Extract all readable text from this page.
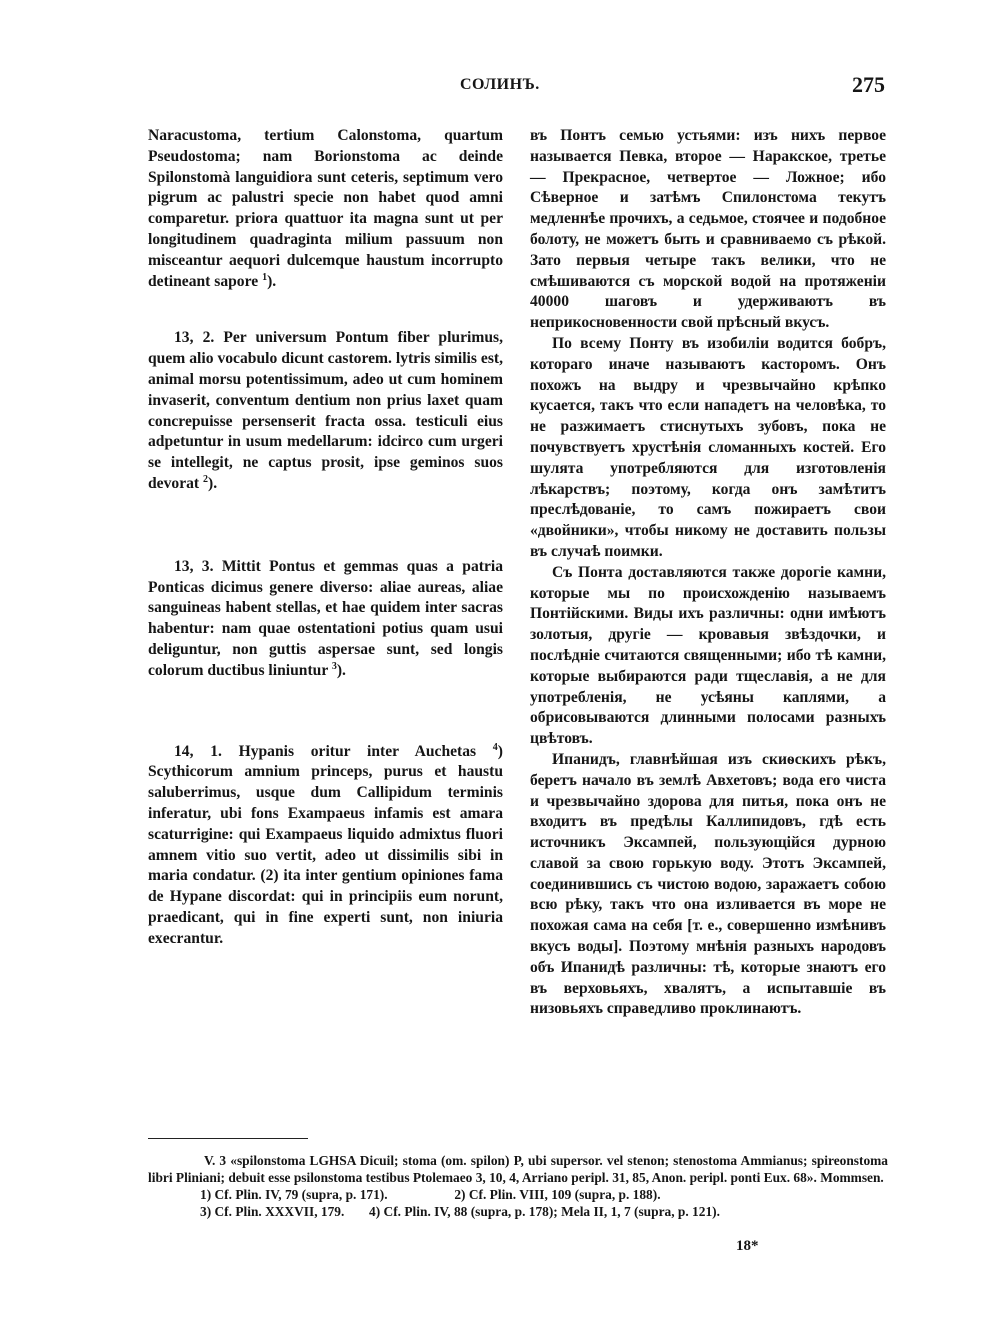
СОЛИНЪ.	275

Naracustoma, tertium Calonstoma, quartum Pseudostoma; nam Borionstoma ac deinde Spilonstomà languidiora sunt ceteris, septimum vero pigrum ac palustri specie non habet quod amni comparetur. priora quattuor ita magna sunt ut per longitudinem quadraginta milium passuum non misceantur aequori dulcemque haustum incorrupto detineant sapore $^1$).

13, 2. Per universum Pontum fiber plurimus, quem alio vocabulo dicunt castorem. lytris similis est, animal morsu potentissimum, adeo ut cum hominem invaserit, conventum dentium non prius laxet quam concrepuisse persenserit fracta ossa. testiculi eius adpetuntur in usum medellarum: idcirco cum urgeri se intellegit, ne captus prosit, ipse geminos suos devorat $^2$).

13, 3. Mittit Pontus et gemmas quas a patria Ponticas dicimus genere diverso: aliae aureas, aliae sanguineas habent stellas, et hae quidem inter sacras habentur: nam quae ostentationi potius quam usui deliguntur, non guttis aspersae sunt, sed longis colorum ductibus liniuntur $^3$).

14, 1. Hypanis oritur inter Auchetas $^4$) Scythicorum amnium princeps, purus et haustu saluberrimus, usque dum Callipidum terminis inferatur, ubi fons Exampaeus infamis est amara scaturrigine: qui Exampaeus liquido admixtus fluori amnem vitio suo vertit, adeo ut dissimilis sibi in maria condatur. (2) ita inter gentium opiniones fama de Hypane discordat: qui in principiis eum norunt, praedicant, qui in fine experti sunt, non iniuria execrantur.

въ Понтъ семью устьями: изъ нихъ первое называется Певка, второе — Наракское, третье — Прекрасное, четвертое — Ложное; ибо Сѣверное и затѣмъ Спилонстома текутъ медленнѣе прочихъ, а седьмое, стоячее и подобное болоту, не можетъ быть и сравниваемо съ рѣкой. Зато первыя четыре такъ велики, что не смѣшиваются съ морской водой на протяженіи 40000 шаговъ и удерживаютъ въ неприкосновенности свой прѣсный вкусъ.

По всему Понту въ изобиліи водится бобръ, котораго иначе называютъ касторомъ. Онъ похожъ на выдру и чрезвычайно крѣпко кусается, такъ что если нападетъ на человѣка, то не разжимаетъ стиснутыхъ зубовъ, пока не почувствуетъ хрустѣнія сломанныхъ костей. Его шулята употребляются для изготовленія лѣкарствъ; поэтому, когда онъ замѣтитъ преслѣдованіе, то самъ пожираетъ свои «двойники», чтобы никому не доставить пользы въ случаѣ поимки.

Съ Понта доставляются также дорогіе камни, которые мы по происхожденію называемъ Понтійскими. Виды ихъ различны: одни имѣютъ золотыя, другіе — кровавыя звѣздочки, и послѣдніе считаются священными; ибо тѣ камни, которые выбираются ради тщеславія, а не для употребленія, не усѣяны каплями, а обрисовываются длинными полосами разныхъ цвѣтовъ.

Ипанидъ, главнѣйшая изъ скиѳскихъ рѣкъ, беретъ начало въ землѣ Авхетовъ; вода его чиста и чрезвычайно здорова для питья, пока онъ не входитъ въ предѣлы Каллипидовъ, гдѣ есть источникъ Эксампей, пользующійся дурною славой за свою горькую воду. Этотъ Эксампей, соединившись съ чистою водою, заражаетъ собою всю рѣку, такъ что она изливается въ море не похожая сама на себя [т. е., совершенно измѣнивъ вкусъ воды]. Поэтому мнѣнія разныхъ народовъ объ Ипанидѣ различны: тѣ, которые знаютъ его въ верховьяхъ, хвалятъ, а испытавшіе въ низовьяхъ справедливо проклинаютъ.

V. 3 «spilonstoma LGHSA Dicuil; stoma (om. spilon) P, ubi supersor. vel stenon; stenostoma Ammianus; spireonstoma libri Pliniani; debuit esse psilonstoma testibus Ptolemaeo 3, 10, 4, Arriano peripl. 31, 85, Anon. peripl. ponti Eux. 68». Mommsen.

1) Cf. Plin. IV, 79 (supra, p. 171).	2) Cf. Plin. VIII, 109 (supra, p. 188).

3) Cf. Plin. XXXVII, 179. 4) Cf. Plin. IV, 88 (supra, p. 178); Mela II, 1, 7 (supra, p. 121).

18*
